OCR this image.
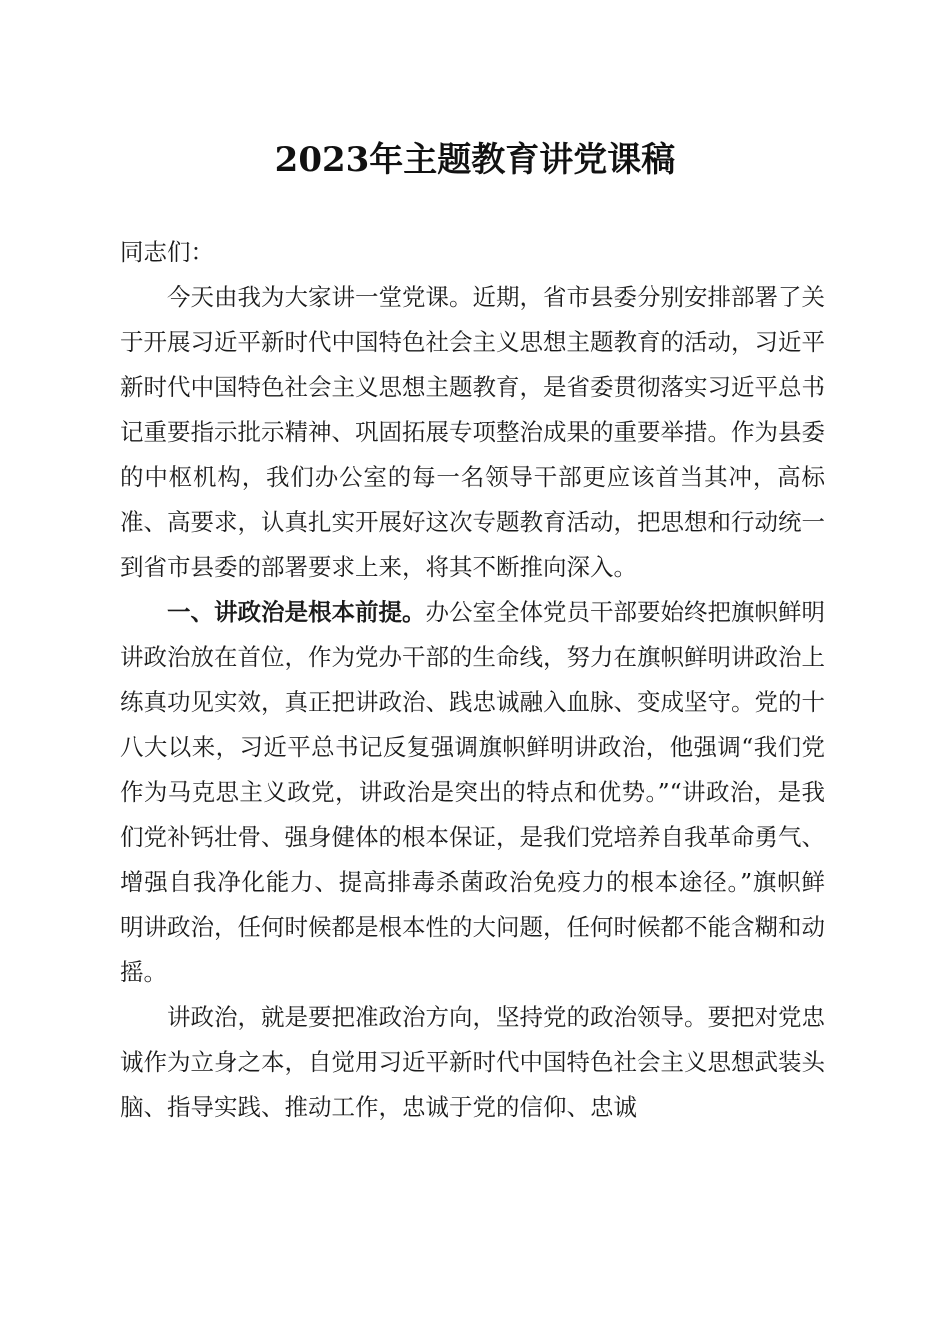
2023年主题教育讲党课稿

同志们：

今天由我为大家讲一堂党课。近期，省市县委分别安排部署了关于开展习近平新时代中国特色社会主义思想主题教育的活动，习近平新时代中国特色社会主义思想主题教育，是省委贯彻落实习近平总书记重要指示批示精神、巩固拓展专项整治成果的重要举措。作为县委的中枢机构，我们办公室的每一名领导干部更应该首当其冲，高标准、高要求，认真扎实开展好这次专题教育活动，把思想和行动统一到省市县委的部署要求上来，将其不断推向深入。

一、讲政治是根本前提。办公室全体党员干部要始终把旗帜鲜明讲政治放在首位，作为党办干部的生命线，努力在旗帜鲜明讲政治上练真功见实效，真正把讲政治、践忠诚融入血脉、变成坚守。党的十八大以来，习近平总书记反复强调旗帜鲜明讲政治，他强调“我们党作为马克思主义政党，讲政治是突出的特点和优势。”“讲政治，是我们党补钙壮骨、强身健体的根本保证，是我们党培养自我革命勇气、增强自我净化能力、提高排毒杀菌政治免疫力的根本途径。”旗帜鲜明讲政治，任何时候都是根本性的大问题，任何时候都不能含糊和动摇。

讲政治，就是要把准政治方向，坚持党的政治领导。要把对党忠诚作为立身之本，自觉用习近平新时代中国特色社会主义思想武装头脑、指导实践、推动工作，忠诚于党的信仰、忠诚
